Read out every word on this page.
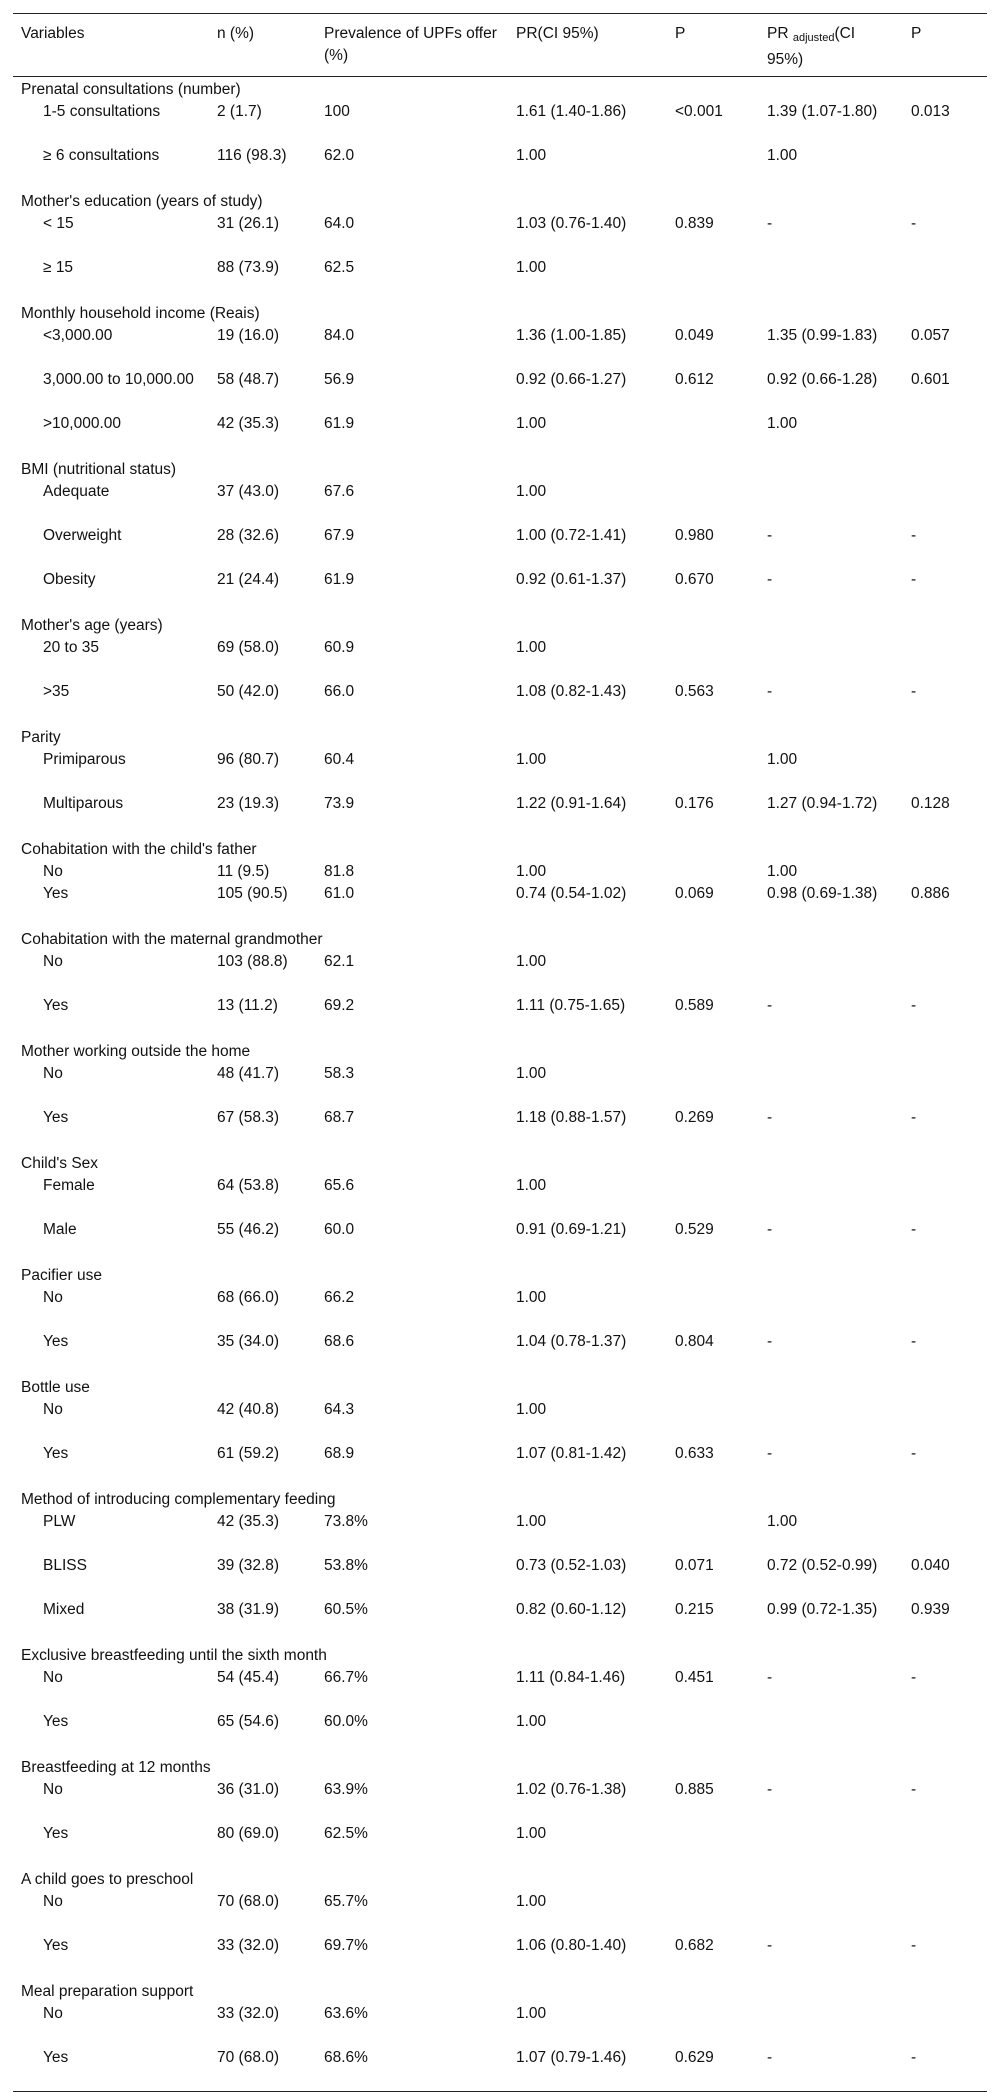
Variables	n (%)	Prevalence of UPFs offer (%)	PR(CI 95%)	P	PR $_{adjusted}$(CI 95%)	P
Prenatal consultations (number)						
1-5 consultations	2 (1.7)	100	1.61 (1.40-1.86)	<0.001	1.39 (1.07-1.80)	0.013
≥ 6 consultations	116 (98.3)	62.0	1.00		1.00	
Mother's education (years of study)						
< 15	31 (26.1)	64.0	1.03 (0.76-1.40)	0.839	-	-
≥ 15	88 (73.9)	62.5	1.00			
Monthly household income (Reais)						
<3,000.00	19 (16.0)	84.0	1.36 (1.00-1.85)	0.049	1.35 (0.99-1.83)	0.057
3,000.00 to 10,000.00	58 (48.7)	56.9	0.92 (0.66-1.27)	0.612	0.92 (0.66-1.28)	0.601
>10,000.00	42 (35.3)	61.9	1.00		1.00	
BMI (nutritional status)						
Adequate	37 (43.0)	67.6	1.00			
Overweight	28 (32.6)	67.9	1.00 (0.72-1.41)	0.980	-	-
Obesity	21 (24.4)	61.9	0.92 (0.61-1.37)	0.670	-	-
Mother's age (years)						
20 to 35	69 (58.0)	60.9	1.00			
>35	50 (42.0)	66.0	1.08 (0.82-1.43)	0.563	-	-
Parity						
Primiparous	96 (80.7)	60.4	1.00		1.00	
Multiparous	23 (19.3)	73.9	1.22 (0.91-1.64)	0.176	1.27 (0.94-1.72)	0.128
Cohabitation with the child's father						
No	11 (9.5)	81.8	1.00		1.00	
Yes	105 (90.5)	61.0	0.74 (0.54-1.02)	0.069	0.98 (0.69-1.38)	0.886
Cohabitation with the maternal grandmother						
No	103 (88.8)	62.1	1.00			
Yes	13 (11.2)	69.2	1.11 (0.75-1.65)	0.589	-	-
Mother working outside the home						
No	48 (41.7)	58.3	1.00			
Yes	67 (58.3)	68.7	1.18 (0.88-1.57)	0.269	-	-
Child's Sex						
Female	64 (53.8)	65.6	1.00			
Male	55 (46.2)	60.0	0.91 (0.69-1.21)	0.529	-	-
Pacifier use						
No	68 (66.0)	66.2	1.00			
Yes	35 (34.0)	68.6	1.04 (0.78-1.37)	0.804	-	-
Bottle use						
No	42 (40.8)	64.3	1.00			
Yes	61 (59.2)	68.9	1.07 (0.81-1.42)	0.633	-	-
Method of introducing complementary feeding						
PLW	42 (35.3)	73.8%	1.00		1.00	
BLISS	39 (32.8)	53.8%	0.73 (0.52-1.03)	0.071	0.72 (0.52-0.99)	0.040
Mixed	38 (31.9)	60.5%	0.82 (0.60-1.12)	0.215	0.99 (0.72-1.35)	0.939
Exclusive breastfeeding until the sixth month						
No	54 (45.4)	66.7%	1.11 (0.84-1.46)	0.451	-	-
Yes	65 (54.6)	60.0%	1.00			
Breastfeeding at 12 months						
No	36 (31.0)	63.9%	1.02 (0.76-1.38)	0.885	-	-
Yes	80 (69.0)	62.5%	1.00			
A child goes to preschool						
No	70 (68.0)	65.7%	1.00			
Yes	33 (32.0)	69.7%	1.06 (0.80-1.40)	0.682	-	-
Meal preparation support						
No	33 (32.0)	63.6%	1.00			
Yes	70 (68.0)	68.6%	1.07 (0.79-1.46)	0.629	-	-
